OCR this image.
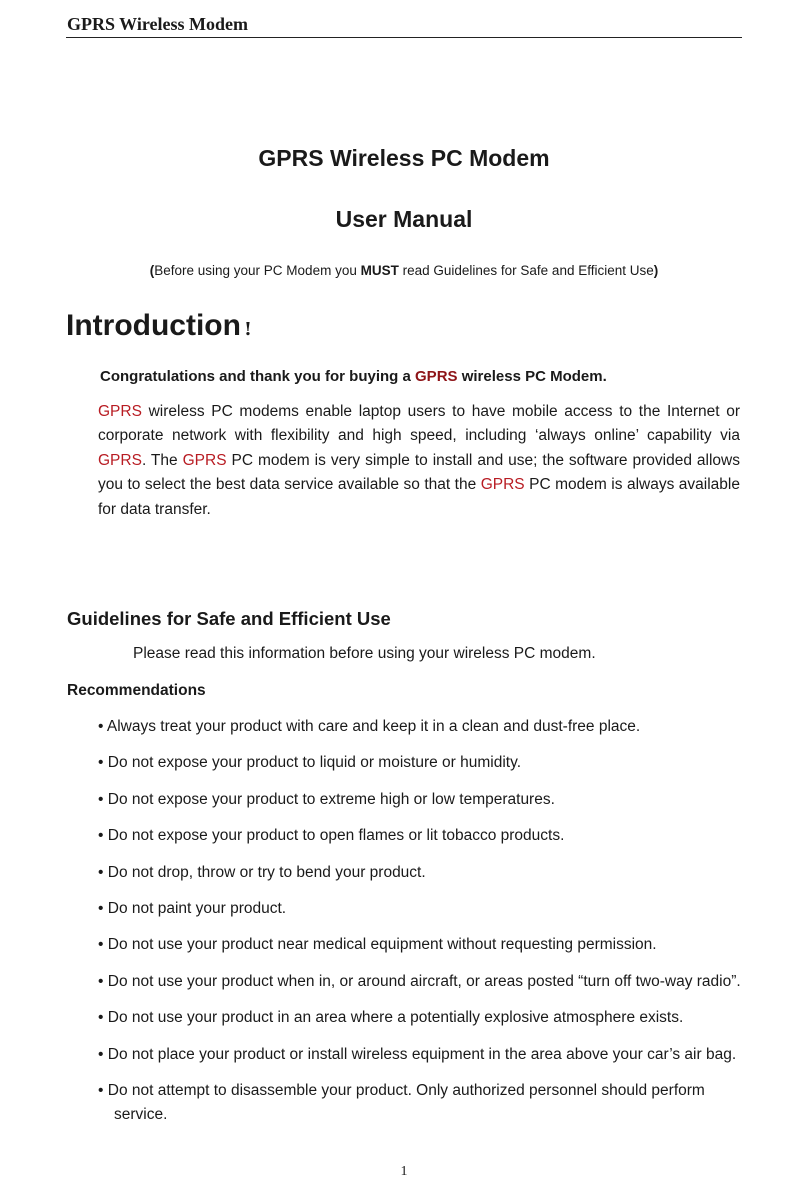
GPRS Wireless Modem
GPRS Wireless PC Modem
User Manual
(Before using your PC Modem you MUST read Guidelines for Safe and Efficient Use)
Introduction !
Congratulations and thank you for buying a GPRS wireless PC Modem.
GPRS wireless PC modems enable laptop users to have mobile access to the Internet or
corporate network with flexibility and high speed, including ‘always online’ capability via
GPRS. The GPRS PC modem is very simple to install and use; the software provided allows
you to select the best data service available so that the GPRS PC modem is always available
for data transfer.
Guidelines for Safe and Efficient Use
Please read this information before using your wireless PC modem.
Recommendations
• Always treat your product with care and keep it in a clean and dust-free place.
• Do not expose your product to liquid or moisture or humidity.
• Do not expose your product to extreme high or low temperatures.
• Do not expose your product to open flames or lit tobacco products.
• Do not drop, throw or try to bend your product.
• Do not paint your product.
• Do not use your product near medical equipment without requesting permission.
• Do not use your product when in, or around aircraft, or areas posted “turn off two-way radio”.
• Do not use your product in an area where a potentially explosive atmosphere exists.
• Do not place your product or install wireless equipment in the area above your car’s air bag.
• Do not attempt to disassemble your product. Only authorized personnel should perform
service.
1
